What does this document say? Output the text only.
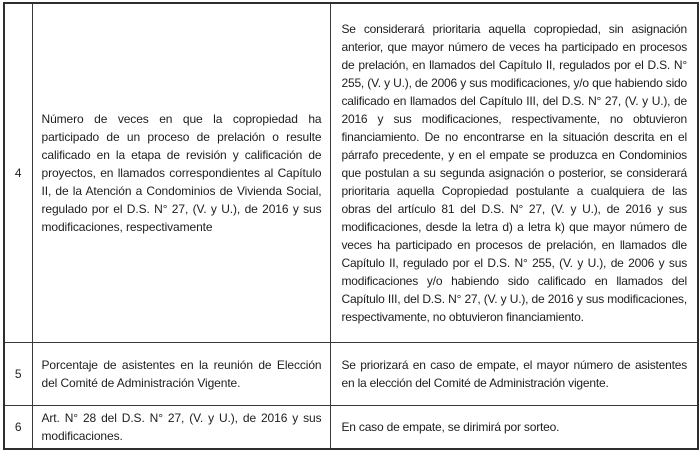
4	Número de veces en que la copropiedad ha participado de un proceso de prelación o resulte calificado en la etapa de revisión y calificación de proyectos, en llamados correspondientes al Capítulo II, de la Atención a Condominios de Vivienda Social, regulado por el D.S. N° 27, (V. y U.), de 2016 y sus modificaciones, respectivamente	Se considerará prioritaria aquella copropiedad, sin asignación anterior, que mayor número de veces ha participado en procesos de prelación, en llamados del Capítulo II, regulados por el D.S. N° 255, (V. y U.), de 2006 y sus modificaciones, y/o que habiendo sido calificado en llamados del Capítulo III, del D.S. N° 27, (V. y U.), de 2016 y sus modificaciones, respectivamente, no obtuvieron financiamiento. De no encontrarse en la situación descrita en el párrafo precedente, y en el empate se produzca en Condominios que postulan a su segunda asignación o posterior, se considerará prioritaria aquella Copropiedad postulante a cualquiera de las obras del artículo 81 del D.S. N° 27, (V. y U.), de 2016 y sus modificaciones, desde la letra d) a letra k) que mayor número de veces ha participado en procesos de prelación, en llamados dle Capítulo II, regulado por el D.S. N° 255, (V. y U.), de 2006 y sus modificaciones y/o habiendo sido calificado en llamados del Capítulo III, del D.S. N° 27, (V. y U.), de 2016 y sus modificaciones, respectivamente, no obtuvieron financiamiento.
5	Porcentaje de asistentes en la reunión de Elección del Comité de Administración Vigente.	Se priorizará en caso de empate, el mayor número de asistentes en la elección del Comité de Administración vigente.
6	Art. N° 28 del D.S. N° 27, (V. y U.), de 2016 y sus modificaciones.	En caso de empate, se dirimirá por sorteo.
